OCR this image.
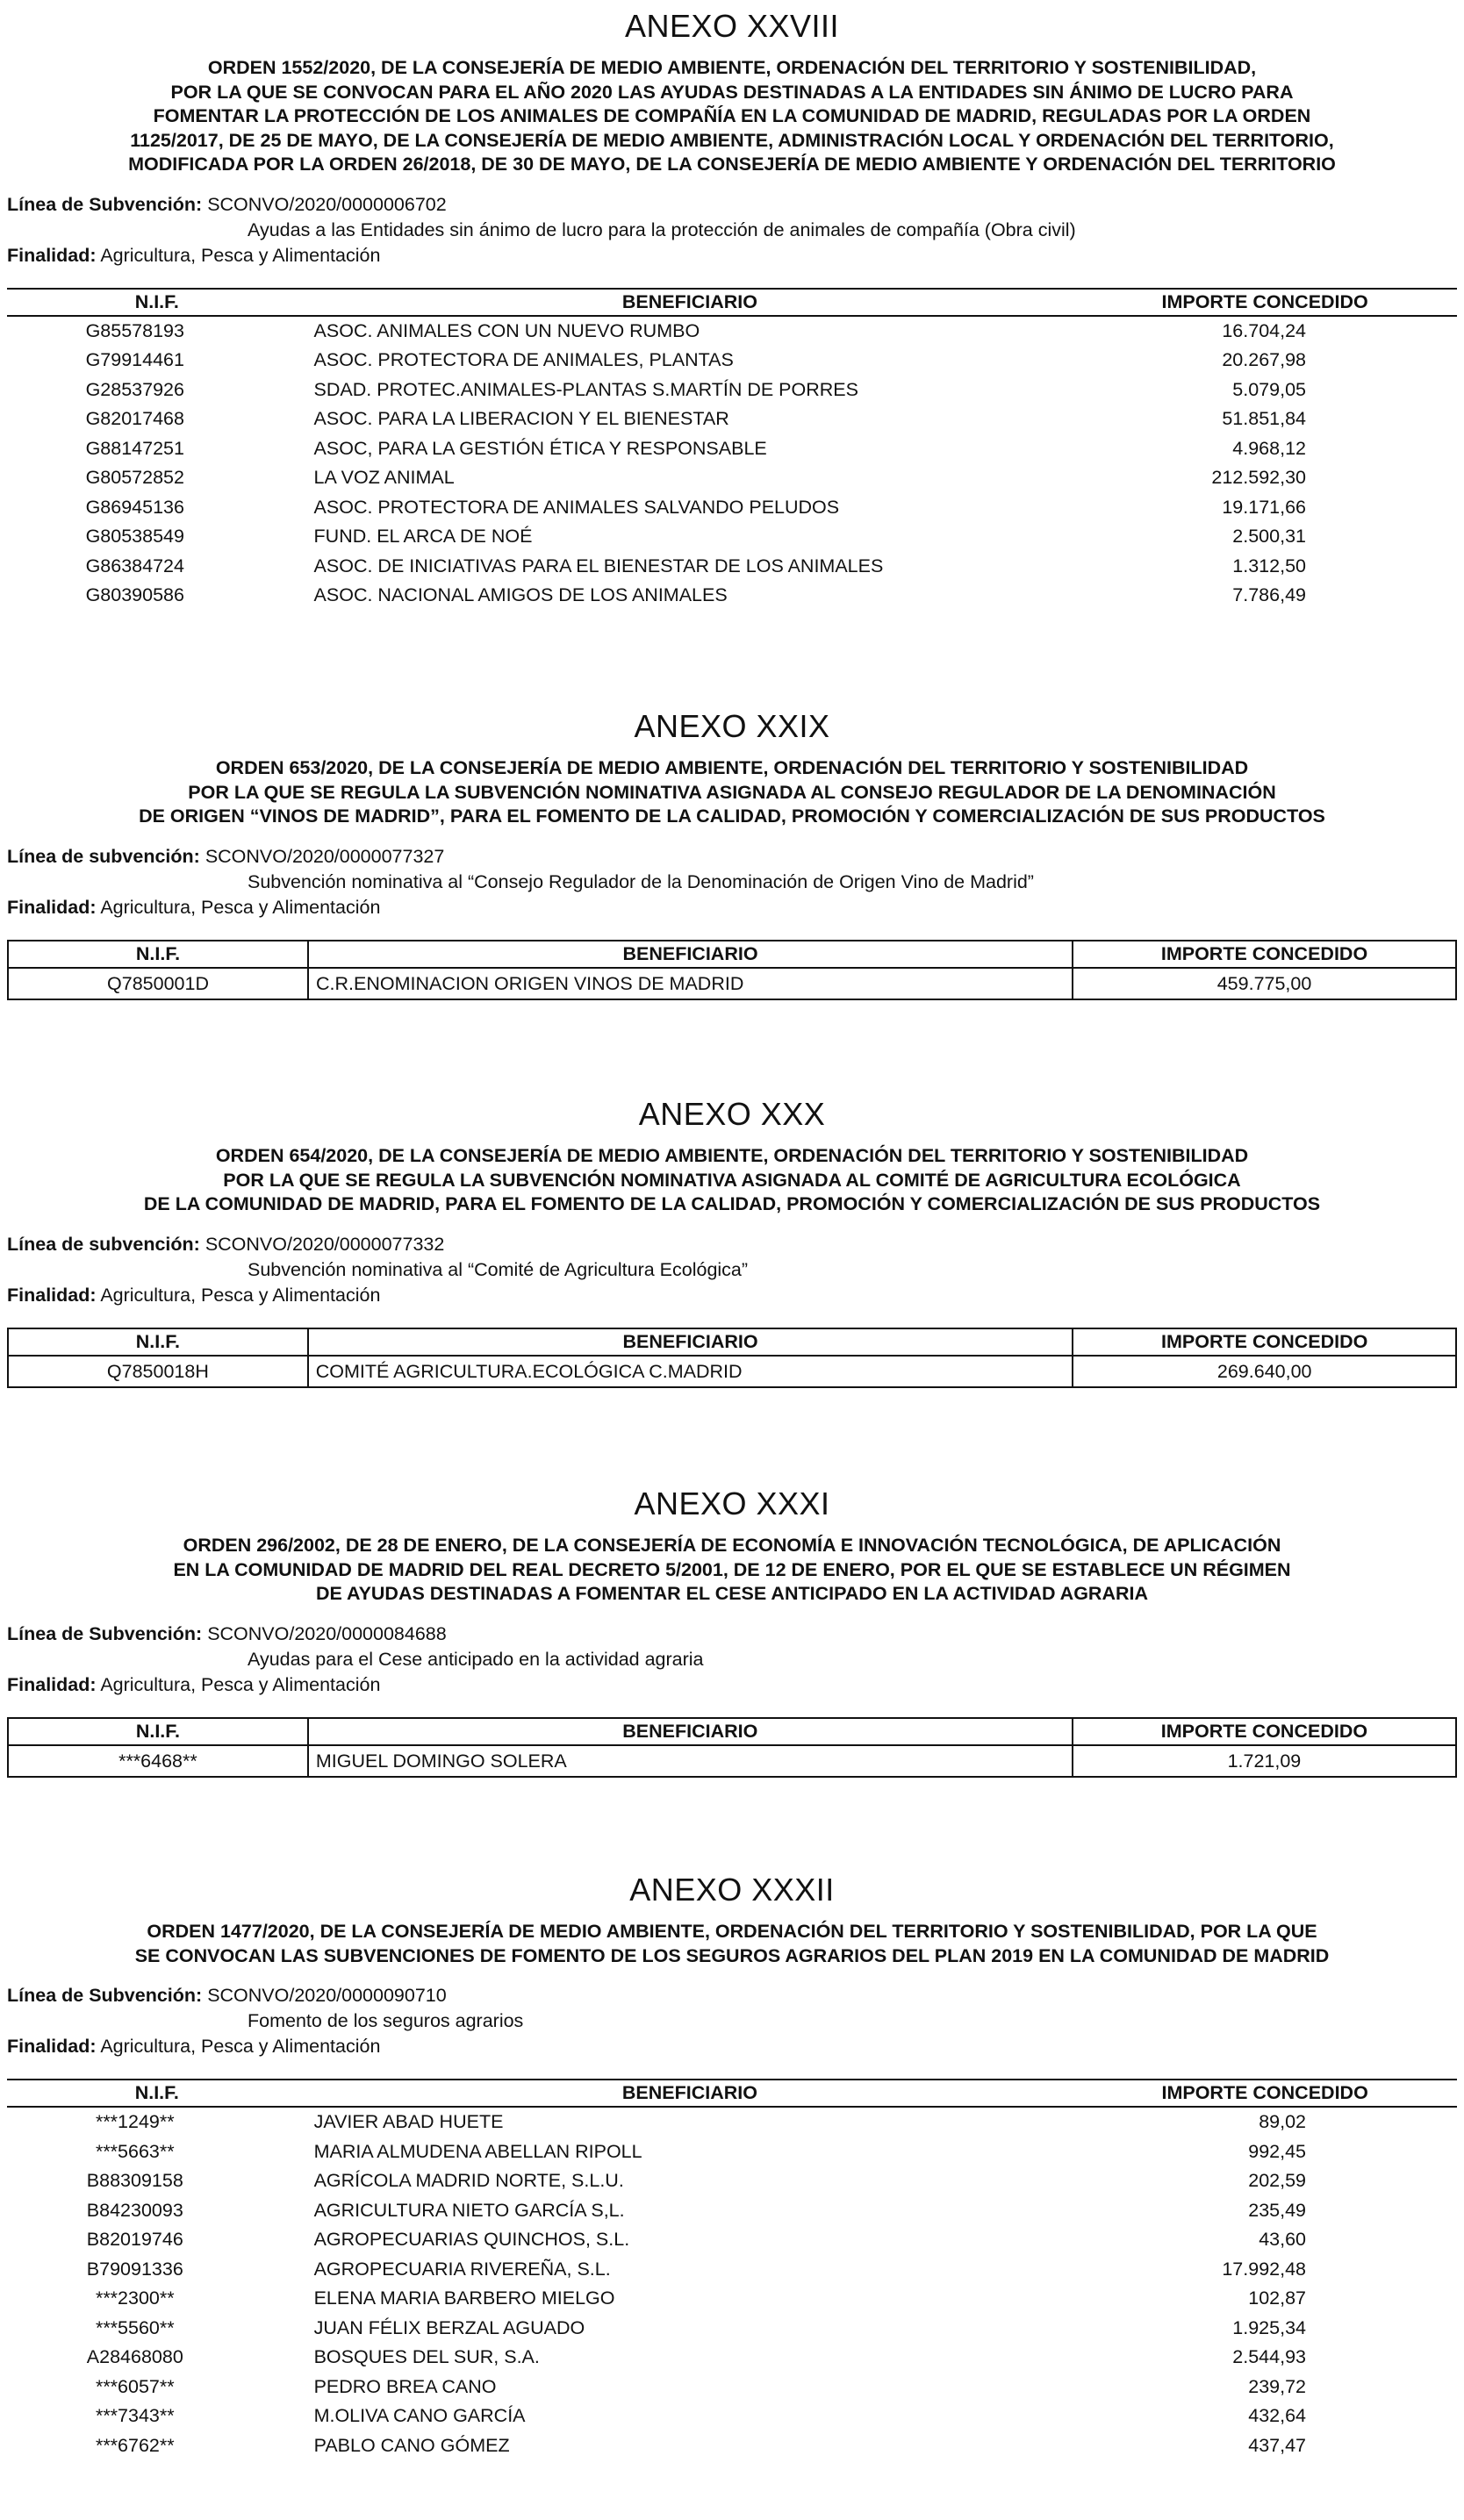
ANEXO XXVIII
ORDEN 1552/2020, DE LA CONSEJERÍA DE MEDIO AMBIENTE, ORDENACIÓN DEL TERRITORIO Y SOSTENIBILIDAD,
POR LA QUE SE CONVOCAN PARA EL AÑO 2020 LAS AYUDAS DESTINADAS A LA ENTIDADES SIN ÁNIMO DE LUCRO PARA
FOMENTAR LA PROTECCIÓN DE LOS ANIMALES DE COMPAÑÍA EN LA COMUNIDAD DE MADRID, REGULADAS POR LA ORDEN
1125/2017, DE 25 DE MAYO, DE LA CONSEJERÍA DE MEDIO AMBIENTE, ADMINISTRACIÓN LOCAL Y ORDENACIÓN DEL TERRITORIO,
MODIFICADA POR LA ORDEN 26/2018, DE 30 DE MAYO, DE LA CONSEJERÍA DE MEDIO AMBIENTE Y ORDENACIÓN DEL TERRITORIO
Línea de Subvención: SCONVO/2020/0000006702
Ayudas a las Entidades sin ánimo de lucro para la protección de animales de compañía (Obra civil)
Finalidad: Agricultura, Pesca y Alimentación
N.I.F.	BENEFICIARIO	IMPORTE CONCEDIDO
G85578193	ASOC. ANIMALES CON UN NUEVO RUMBO	16.704,24
G79914461	ASOC. PROTECTORA DE ANIMALES, PLANTAS	20.267,98
G28537926	SDAD. PROTEC.ANIMALES-PLANTAS S.MARTÍN DE PORRES	5.079,05
G82017468	ASOC. PARA LA LIBERACION Y EL BIENESTAR	51.851,84
G88147251	ASOC, PARA LA GESTIÓN ÉTICA Y RESPONSABLE	4.968,12
G80572852	LA VOZ ANIMAL	212.592,30
G86945136	ASOC. PROTECTORA DE ANIMALES SALVANDO PELUDOS	19.171,66
G80538549	FUND. EL ARCA DE NOÉ	2.500,31
G86384724	ASOC. DE INICIATIVAS PARA EL BIENESTAR DE LOS ANIMALES	1.312,50
G80390586	ASOC. NACIONAL AMIGOS DE LOS ANIMALES	7.786,49
ANEXO XXIX
ORDEN 653/2020, DE LA CONSEJERÍA DE MEDIO AMBIENTE, ORDENACIÓN DEL TERRITORIO Y SOSTENIBILIDAD
POR LA QUE SE REGULA LA SUBVENCIÓN NOMINATIVA ASIGNADA AL CONSEJO REGULADOR DE LA DENOMINACIÓN
DE ORIGEN “VINOS DE MADRID”, PARA EL FOMENTO DE LA CALIDAD, PROMOCIÓN Y COMERCIALIZACIÓN DE SUS PRODUCTOS
Línea de subvención: SCONVO/2020/0000077327
Subvención nominativa al “Consejo Regulador de la Denominación de Origen Vino de Madrid”
Finalidad: Agricultura, Pesca y Alimentación
N.I.F.	BENEFICIARIO	IMPORTE CONCEDIDO
Q7850001D	C.R.ENOMINACION ORIGEN VINOS DE MADRID	459.775,00
ANEXO XXX
ORDEN 654/2020, DE LA CONSEJERÍA DE MEDIO AMBIENTE, ORDENACIÓN DEL TERRITORIO Y SOSTENIBILIDAD
POR LA QUE SE REGULA LA SUBVENCIÓN NOMINATIVA ASIGNADA AL COMITÉ DE AGRICULTURA ECOLÓGICA
DE LA COMUNIDAD DE MADRID, PARA EL FOMENTO DE LA CALIDAD, PROMOCIÓN Y COMERCIALIZACIÓN DE SUS PRODUCTOS
Línea de subvención: SCONVO/2020/0000077332
Subvención nominativa al “Comité de Agricultura Ecológica”
Finalidad: Agricultura, Pesca y Alimentación
N.I.F.	BENEFICIARIO	IMPORTE CONCEDIDO
Q7850018H	COMITÉ AGRICULTURA.ECOLÓGICA C.MADRID	269.640,00
ANEXO XXXI
ORDEN 296/2002, DE 28 DE ENERO, DE LA CONSEJERÍA DE ECONOMÍA E INNOVACIÓN TECNOLÓGICA, DE APLICACIÓN
EN LA COMUNIDAD DE MADRID DEL REAL DECRETO 5/2001, DE 12 DE ENERO, POR EL QUE SE ESTABLECE UN RÉGIMEN
DE AYUDAS DESTINADAS A FOMENTAR EL CESE ANTICIPADO EN LA ACTIVIDAD AGRARIA
Línea de Subvención: SCONVO/2020/0000084688
Ayudas para el Cese anticipado en la actividad agraria
Finalidad: Agricultura, Pesca y Alimentación
N.I.F.	BENEFICIARIO	IMPORTE CONCEDIDO
***6468**	MIGUEL DOMINGO SOLERA	1.721,09
ANEXO XXXII
ORDEN 1477/2020, DE LA CONSEJERÍA DE MEDIO AMBIENTE, ORDENACIÓN DEL TERRITORIO Y SOSTENIBILIDAD, POR LA QUE
SE CONVOCAN LAS SUBVENCIONES DE FOMENTO DE LOS SEGUROS AGRARIOS DEL PLAN 2019 EN LA COMUNIDAD DE MADRID
Línea de Subvención: SCONVO/2020/0000090710
Fomento de los seguros agrarios
Finalidad: Agricultura, Pesca y Alimentación
N.I.F.	BENEFICIARIO	IMPORTE CONCEDIDO
***1249**	JAVIER ABAD HUETE	89,02
***5663**	MARIA ALMUDENA ABELLAN RIPOLL	992,45
B88309158	AGRÍCOLA MADRID NORTE, S.L.U.	202,59
B84230093	AGRICULTURA NIETO GARCÍA S,L.	235,49
B82019746	AGROPECUARIAS QUINCHOS, S.L.	43,60
B79091336	AGROPECUARIA RIVEREÑA, S.L.	17.992,48
***2300**	ELENA MARIA BARBERO MIELGO	102,87
***5560**	JUAN FÉLIX BERZAL AGUADO	1.925,34
A28468080	BOSQUES DEL SUR, S.A.	2.544,93
***6057**	PEDRO BREA CANO	239,72
***7343**	M.OLIVA CANO GARCÍA	432,64
***6762**	PABLO CANO GÓMEZ	437,47
